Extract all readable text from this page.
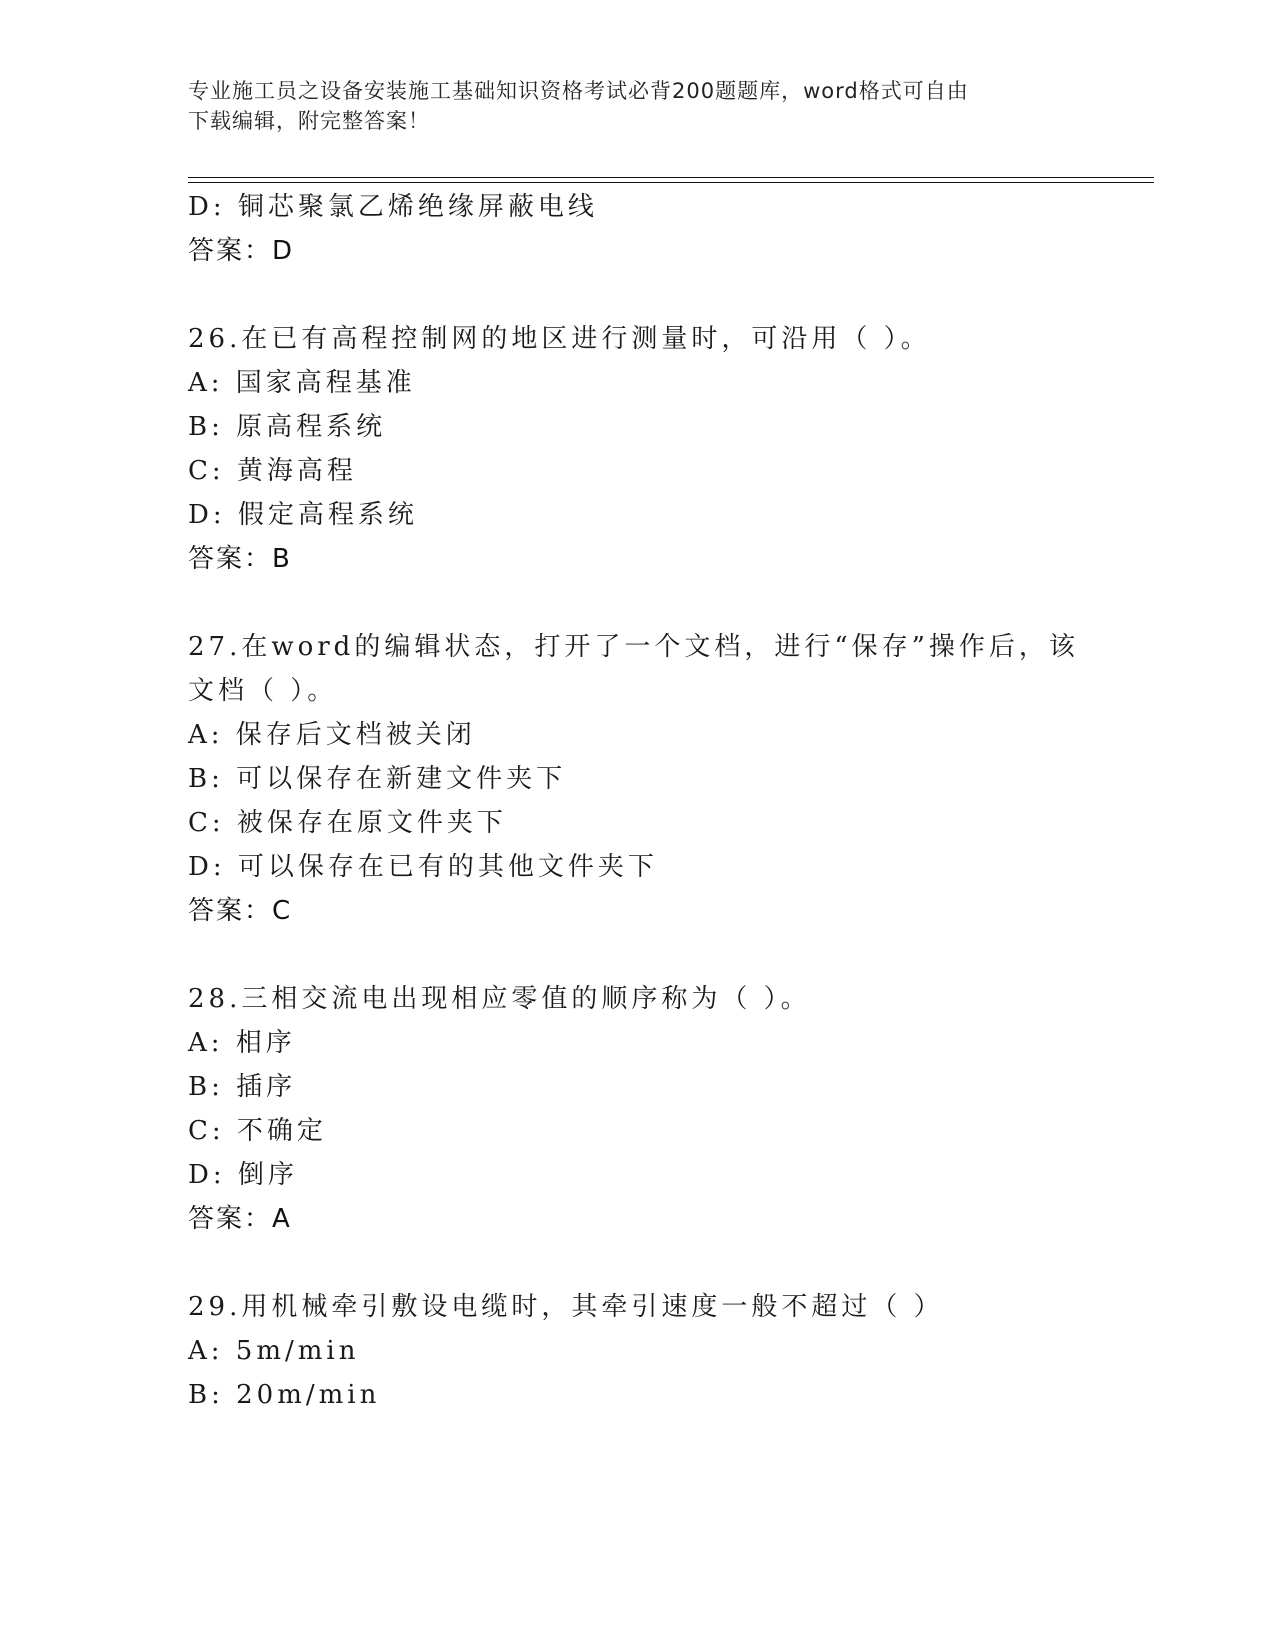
专业施工员之设备安装施工基础知识资格考试必背200题题库，word格式可自由
下载编辑，附完整答案！
D: 铜芯聚氯乙烯绝缘屏蔽电线
答案：D
26.在已有高程控制网的地区进行测量时，可沿用（ ）。
A: 国家高程基准
B: 原高程系统
C: 黄海高程
D: 假定高程系统
答案：B
27.在word的编辑状态，打开了一个文档，进行“保存”操作后，该
文档（ ）。
A: 保存后文档被关闭
B: 可以保存在新建文件夹下
C: 被保存在原文件夹下
D: 可以保存在已有的其他文件夹下
答案：C
28.三相交流电出现相应零值的顺序称为（ ）。
A: 相序
B: 插序
C: 不确定
D: 倒序
答案：A
29.用机械牵引敷设电缆时，其牵引速度一般不超过（ ）
A: 5m/min
B: 20m/min
